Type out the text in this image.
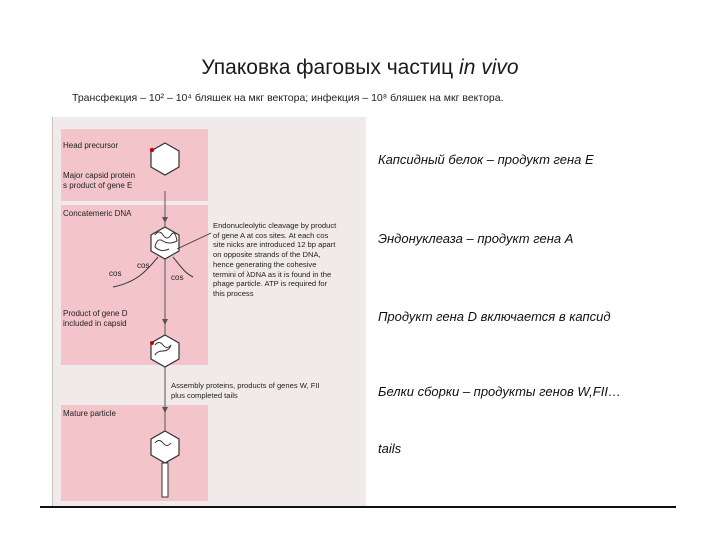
Упаковка фаговых частиц in vivo
Трансфекция – 10² – 10⁴ бляшек на мкг вектора; инфекция – 10⁸ бляшек на мкг вектора.
Head precursor
Major capsid protein
s product of gene E
Concatemeric DNA
Product of gene D
included in capsid
Mature particle
cos
cos	cos
Endonucleolytic cleavage by product
of gene A at cos sites. At each cos
site nicks are introduced 12 bp apart
on opposite strands of the DNA,
hence generating the cohesive
termini of λDNA as it is found in the
phage particle. ATP is required for
this process
Assembly proteins, products of genes W, FII
plus completed tails
Капсидный белок – продукт гена E
Эндонуклеаза – продукт гена A
Продукт гена D включается в капсид
Белки сборки – продукты генов W,FII…
tails
